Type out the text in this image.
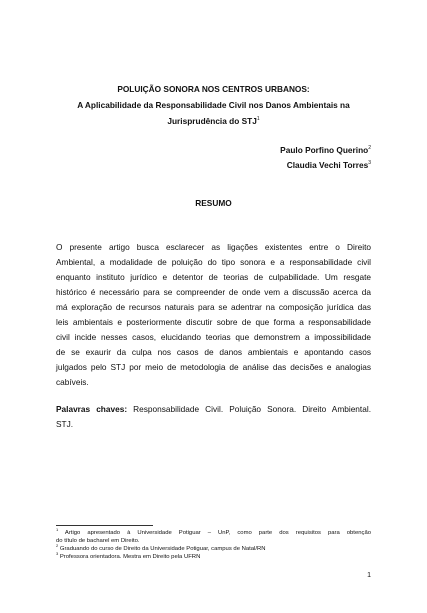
POLUIÇÃO SONORA NOS CENTROS URBANOS:
A Aplicabilidade da Responsabilidade Civil nos Danos Ambientais na
Jurisprudência do STJ$^1$
Paulo Porfino Querino$^2$
Claudia Vechi Torres$^3$
RESUMO
O presente artigo busca esclarecer as ligações existentes entre o Direito
Ambiental, a modalidade de poluição do tipo sonora e a responsabilidade civil
enquanto instituto jurídico e detentor de teorias de culpabilidade. Um resgate
histórico é necessário para se compreender de onde vem a discussão acerca da
má exploração de recursos naturais para se adentrar na composição jurídica das
leis ambientais e posteriormente discutir sobre de que forma a responsabilidade
civil incide nesses casos, elucidando teorias que demonstrem a impossibilidade
de se exaurir da culpa nos casos de danos ambientais e apontando casos
julgados pelo STJ por meio de metodologia de análise das decisões e analogias
cabíveis.
Palavras chaves: Responsabilidade Civil. Poluição Sonora. Direito Ambiental.
STJ.
$^1$ Artigo apresentado à Universidade Potiguar – UnP, como parte dos requisitos para obtenção
do título de bacharel em Direito.
$^2$ Graduando do curso de Direito da Universidade Potiguar, campus de Natal/RN
$^3$ Professora orientadora. Mestra em Direito pela UFRN
1
